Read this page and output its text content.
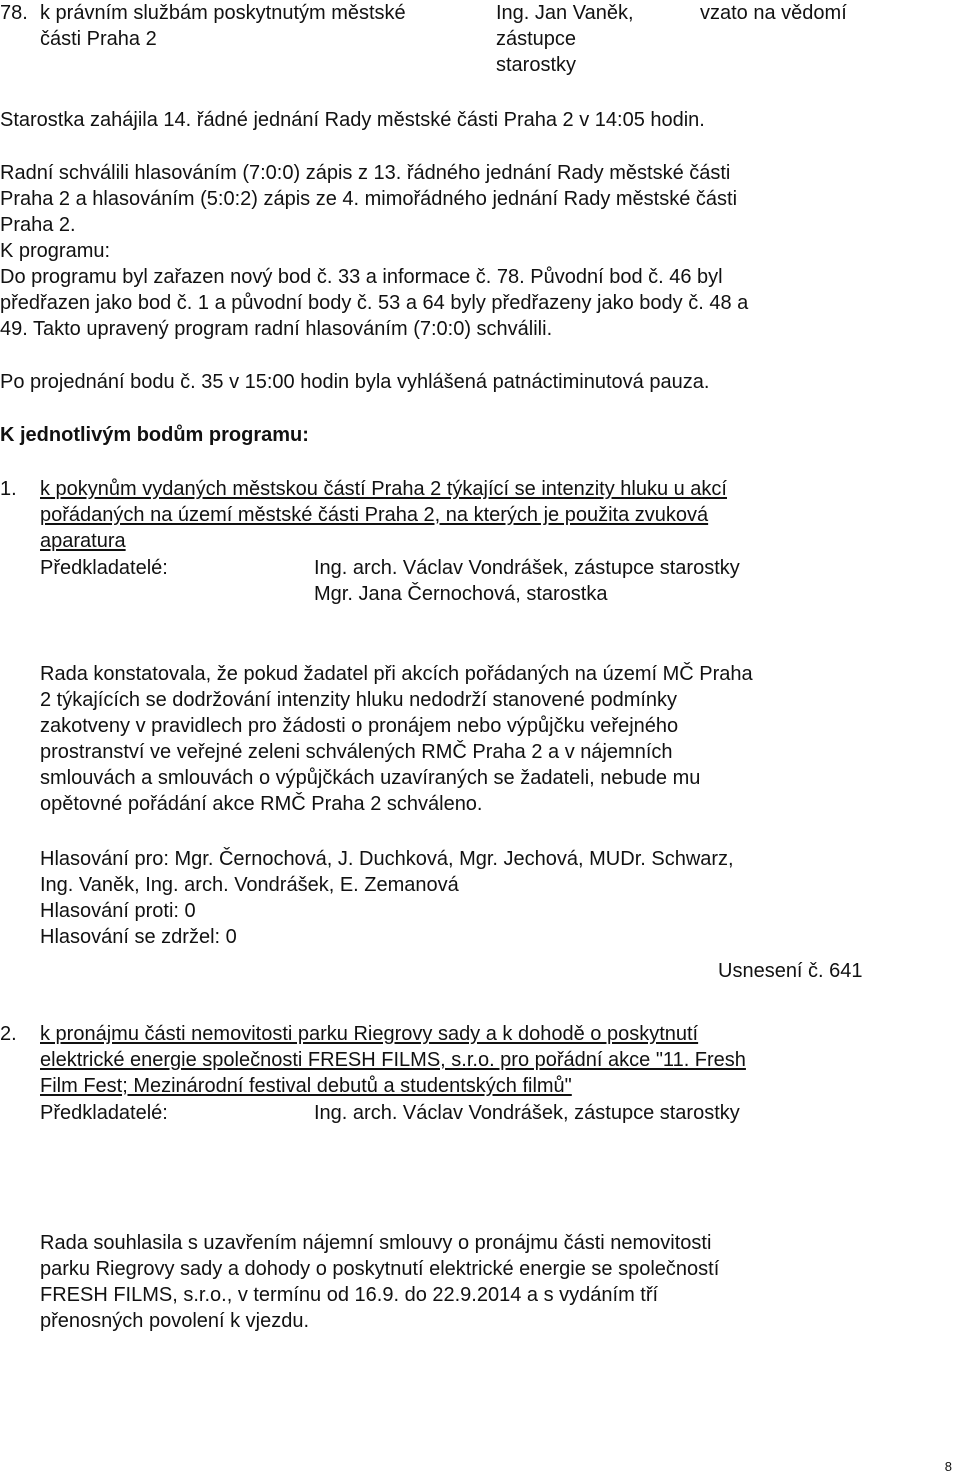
78. k právním službám poskytnutým městské
části Praha 2
Ing. Jan Vaněk,
zástupce
starostky
vzato na vědomí
Starostka zahájila 14. řádné jednání Rady městské části Praha 2 v 14:05 hodin.
Radní schválili hlasováním (7:0:0) zápis z 13. řádného jednání Rady městské části
Praha 2 a hlasováním (5:0:2) zápis ze 4. mimořádného jednání Rady městské části
Praha 2.
K programu:
Do programu byl zařazen nový bod č. 33 a informace č. 78. Původní bod č. 46 byl
předřazen jako bod č. 1 a původní body č. 53 a 64 byly předřazeny jako body č. 48 a
49. Takto upravený program radní hlasováním (7:0:0) schválili.
Po projednání bodu č. 35 v 15:00 hodin byla vyhlášená patnáctiminutová pauza.
K jednotlivým bodům programu:
1. k pokynům vydaných městskou částí Praha 2 týkající se intenzity hluku u akcí
pořádaných na území městské části Praha 2, na kterých je použita zvuková
aparatura
Předkladatelé:	Ing. arch. Václav Vondrášek, zástupce starostky
Mgr. Jana Černochová, starostka
Rada konstatovala, že pokud žadatel při akcích pořádaných na území MČ Praha
2 týkajících se dodržování intenzity hluku nedodrží stanovené podmínky
zakotveny v pravidlech pro žádosti o pronájem nebo výpůjčku veřejného
prostranství ve veřejné zeleni schválených RMČ Praha 2 a v nájemních
smlouvách a smlouvách o výpůjčkách uzavíraných se žadateli, nebude mu
opětovné pořádání akce RMČ Praha 2 schváleno.
Hlasování pro: Mgr. Černochová, J. Duchková, Mgr. Jechová, MUDr. Schwarz,
Ing. Vaněk, Ing. arch. Vondrášek, E. Zemanová
Hlasování proti: 0
Hlasování se zdržel: 0
Usnesení č. 641
2. k pronájmu části nemovitosti parku Riegrovy sady a k dohodě o poskytnutí
elektrické energie společnosti FRESH FILMS, s.r.o. pro pořádní akce "11. Fresh
Film Fest; Mezinárodní festival debutů a studentských filmů"
Předkladatelé:	Ing. arch. Václav Vondrášek, zástupce starostky
Rada souhlasila s uzavřením nájemní smlouvy o pronájmu části nemovitosti
parku Riegrovy sady a dohody o poskytnutí elektrické energie se společností
FRESH FILMS, s.r.o., v termínu od 16.9. do 22.9.2014 a s vydáním tří
přenosných povolení k vjezdu.
8
